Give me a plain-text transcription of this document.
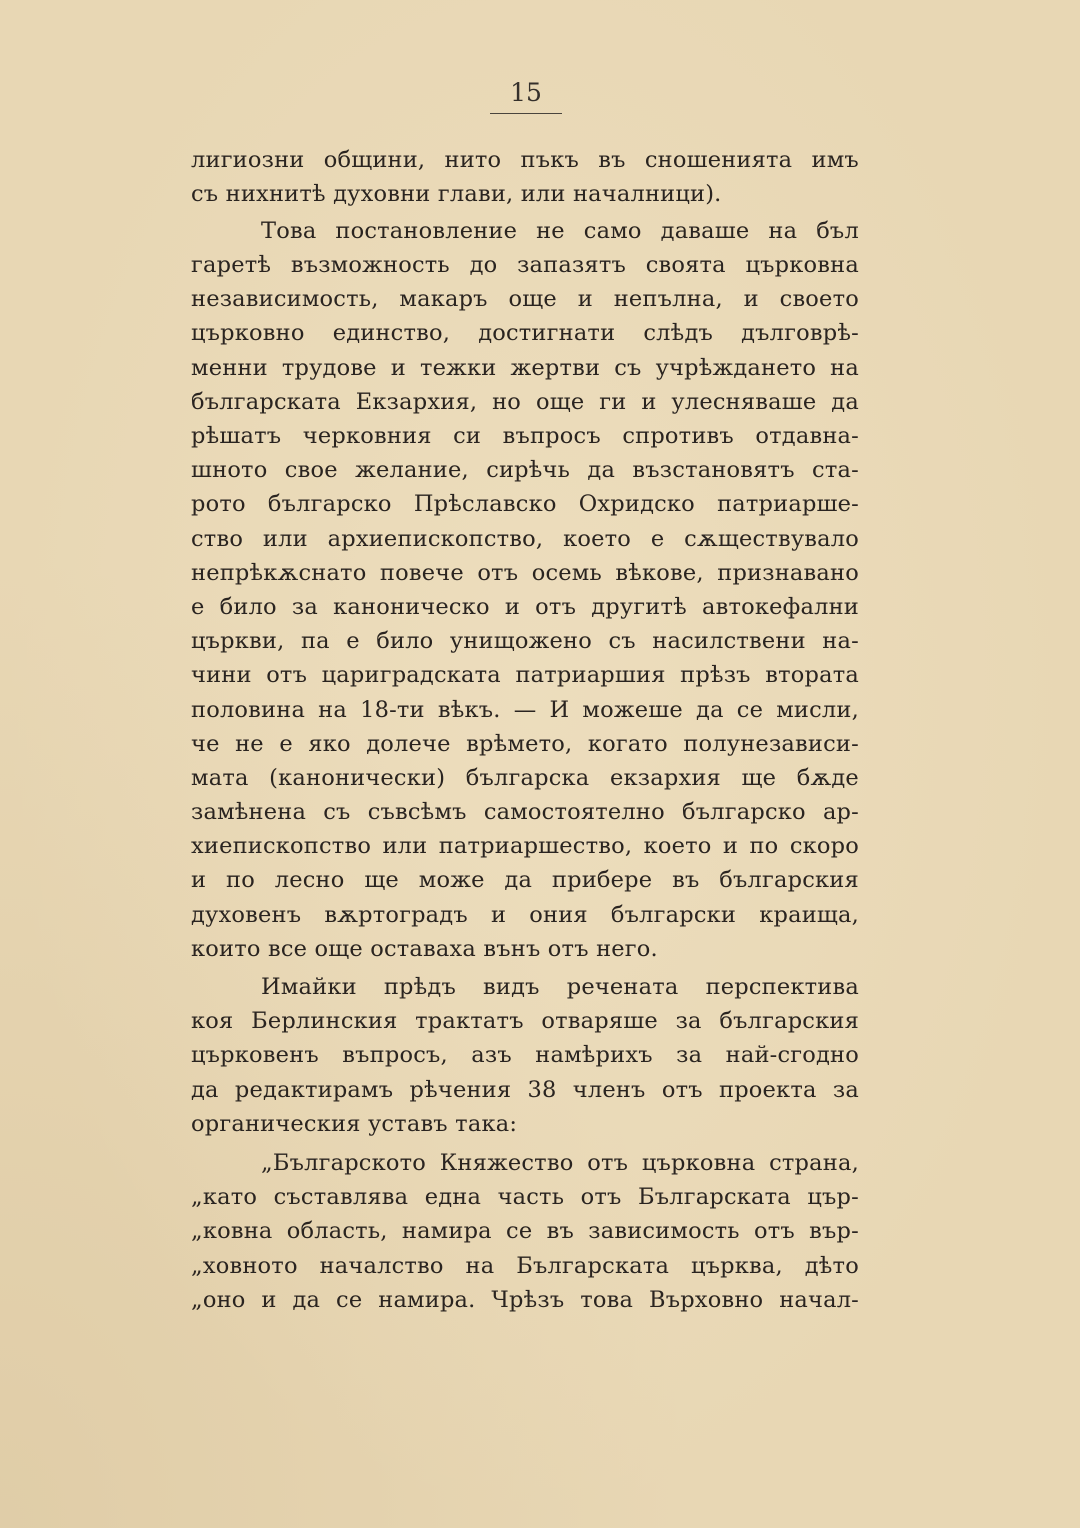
15
лигиозни общини, нито пъкъ въ сношенията имъ
съ нихнитѣ духовни глави, или началници).
Това постановление не само даваше на бъл
гаретѣ възможность до запазятъ своята църковна
независимость, макаръ още и непълна, и своето
църковно единство, достигнати слѣдъ дълговрѣ-
менни трудове и тежки жертви съ учрѣждането на
българската Екзархия, но още ги и улесняваше да
рѣшатъ черковния си въпросъ спротивъ отдавна-
шното свое желание, сирѣчь да възстановятъ ста-
рото българско Прѣславско Охридско патриарше-
ство или архиепископство, което е сѫществувало
непрѣкѫснато повече отъ осемь вѣкове, признавано
е било за каноническо и отъ другитѣ автокефални
църкви, па е било унищожено съ насилствени на-
чини отъ цариградската патриаршия прѣзъ втората
половина на 18-ти вѣкъ. — И можеше да се мисли,
че не е яко долече врѣмето, когато полунезависи-
мата (канонически) българска екзархия ще бѫде
замѣнена съ съвсѣмъ самостоятелно българско ар-
хиепископство или патриаршество, което и по скоро
и по лесно ще може да прибере въ българския
духовенъ вѫртоградъ и ония български краища,
които все още оставаха вънъ отъ него.
Имайки прѣдъ видъ речената перспектива
коя Берлинския трактатъ отваряше за българския
църковенъ въпросъ, азъ намѣрихъ за най-сгодно
да редактирамъ рѣчения 38 членъ отъ проекта за
органическия уставъ така:
„Българското Княжество отъ църковна страна,
„като съставлява една часть отъ Българската цър-
„ковна область, намира се въ зависимость отъ вър-
„ховното началство на Българската църква, дѣто
„оно и да се намира. Чрѣзъ това Върховно начал-
